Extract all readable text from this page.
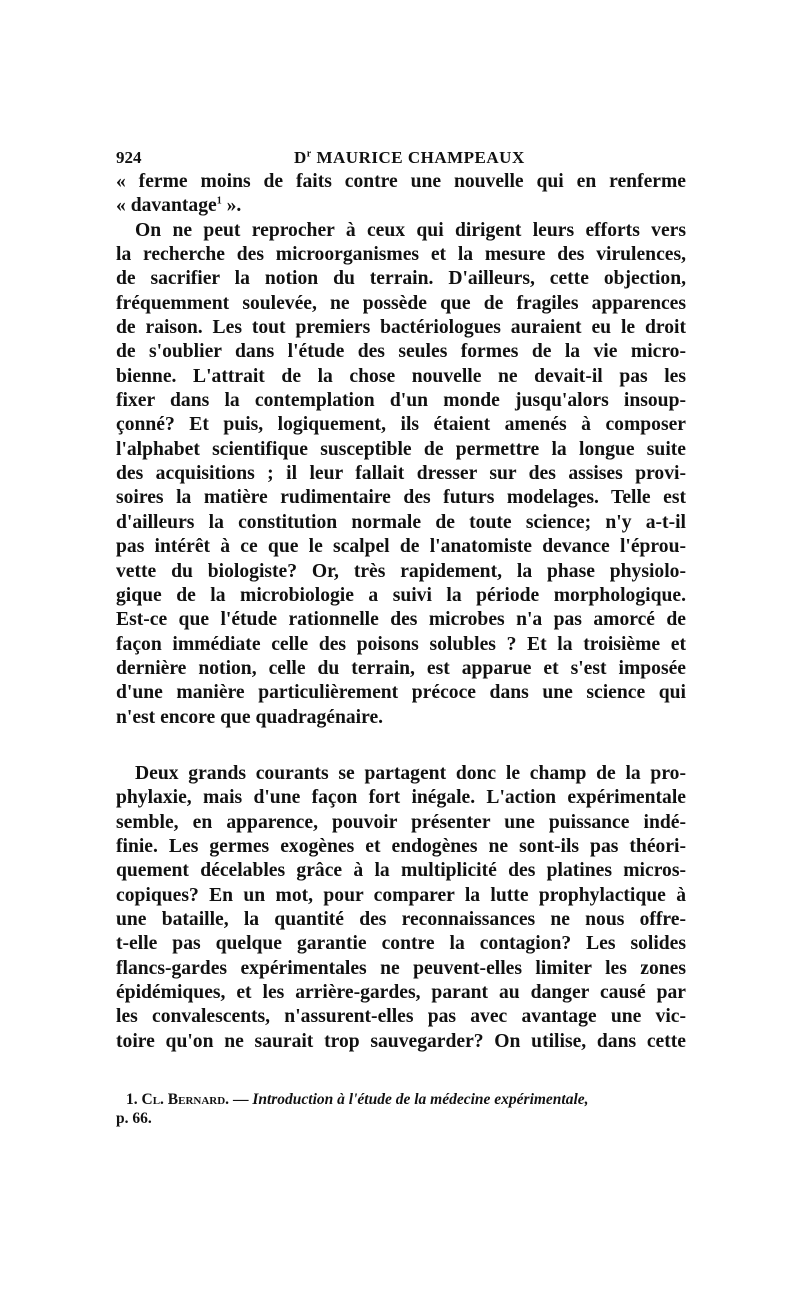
924	$D^r$ MAURICE CHAMPEAUX
« ferme moins de faits contre une nouvelle qui en renferme
« davantage$^1$ ».
On ne peut reprocher à ceux qui dirigent leurs efforts vers
la recherche des microorganismes et la mesure des virulences,
de sacrifier la notion du terrain. D'ailleurs, cette objection,
fréquemment soulevée, ne possède que de fragiles apparences
de raison. Les tout premiers bactériologues auraient eu le droit
de s'oublier dans l'étude des seules formes de la vie micro-
bienne. L'attrait de la chose nouvelle ne devait-il pas les
fixer dans la contemplation d'un monde jusqu'alors insoup-
çonné? Et puis, logiquement, ils étaient amenés à composer
l'alphabet scientifique susceptible de permettre la longue suite
des acquisitions ; il leur fallait dresser sur des assises provi-
soires la matière rudimentaire des futurs modelages. Telle est
d'ailleurs la constitution normale de toute science; n'y a-t-il
pas intérêt à ce que le scalpel de l'anatomiste devance l'éprou-
vette du biologiste? Or, très rapidement, la phase physiolo-
gique de la microbiologie a suivi la période morphologique.
Est-ce que l'étude rationnelle des microbes n'a pas amorcé de
façon immédiate celle des poisons solubles ? Et la troisième et
dernière notion, celle du terrain, est apparue et s'est imposée
d'une manière particulièrement précoce dans une science qui
n'est encore que quadragénaire.
Deux grands courants se partagent donc le champ de la pro-
phylaxie, mais d'une façon fort inégale. L'action expérimentale
semble, en apparence, pouvoir présenter une puissance indé-
finie. Les germes exogènes et endogènes ne sont-ils pas théori-
quement décelables grâce à la multiplicité des platines micros-
copiques? En un mot, pour comparer la lutte prophylactique à
une bataille, la quantité des reconnaissances ne nous offre-
t-elle pas quelque garantie contre la contagion? Les solides
flancs-gardes expérimentales ne peuvent-elles limiter les zones
épidémiques, et les arrière-gardes, parant au danger causé par
les convalescents, n'assurent-elles pas avec avantage une vic-
toire qu'on ne saurait trop sauvegarder? On utilise, dans cette
1. Cl. Bernard. — Introduction à l'étude de la médecine expérimentale,
p. 66.
